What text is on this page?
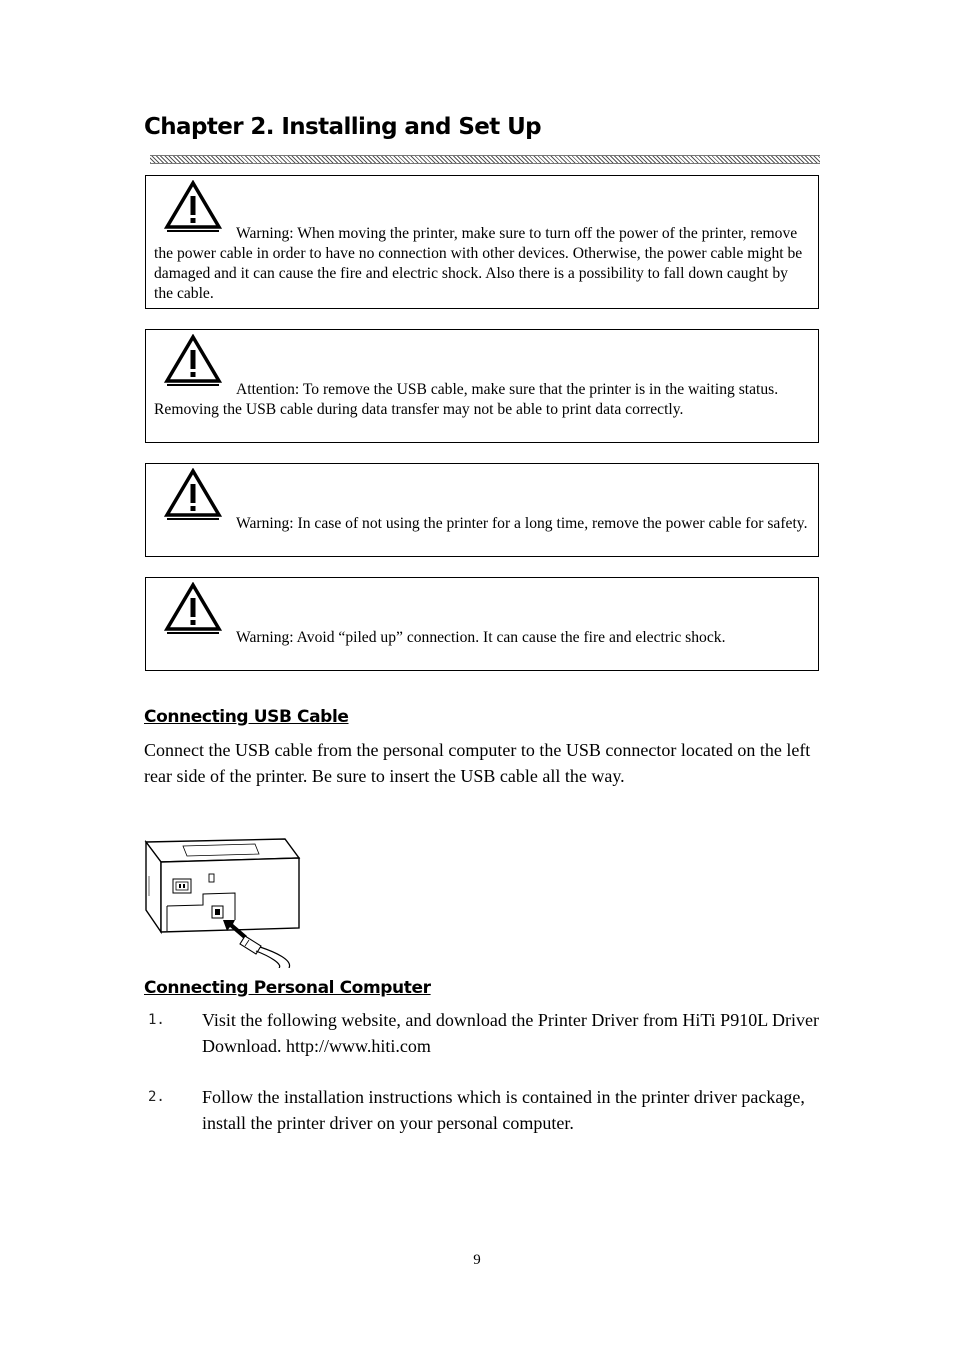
Chapter 2. Installing and Set Up

Warning: When moving the printer, make sure to turn off the power of the printer, remove the power cable in order to have no connection with other devices. Otherwise, the power cable might be damaged and it can cause the fire and electric shock. Also there is a possibility to fall down caught by the cable.

Attention: To remove the USB cable, make sure that the printer is in the waiting status. Removing the USB cable during data transfer may not be able to print data correctly.

Warning: In case of not using the printer for a long time, remove the power cable for safety.

Warning: Avoid “piled up” connection. It can cause the fire and electric shock.

Connecting USB Cable

Connect the USB cable from the personal computer to the USB connector located on the left rear side of the printer. Be sure to insert the USB cable all the way.

Connecting Personal Computer
1. Visit the following website, and download the Printer Driver from HiTi P910L Driver Download. http://www.hiti.com

2. Follow the installation instructions which is contained in the printer driver package, install the printer driver on your personal computer.

9
